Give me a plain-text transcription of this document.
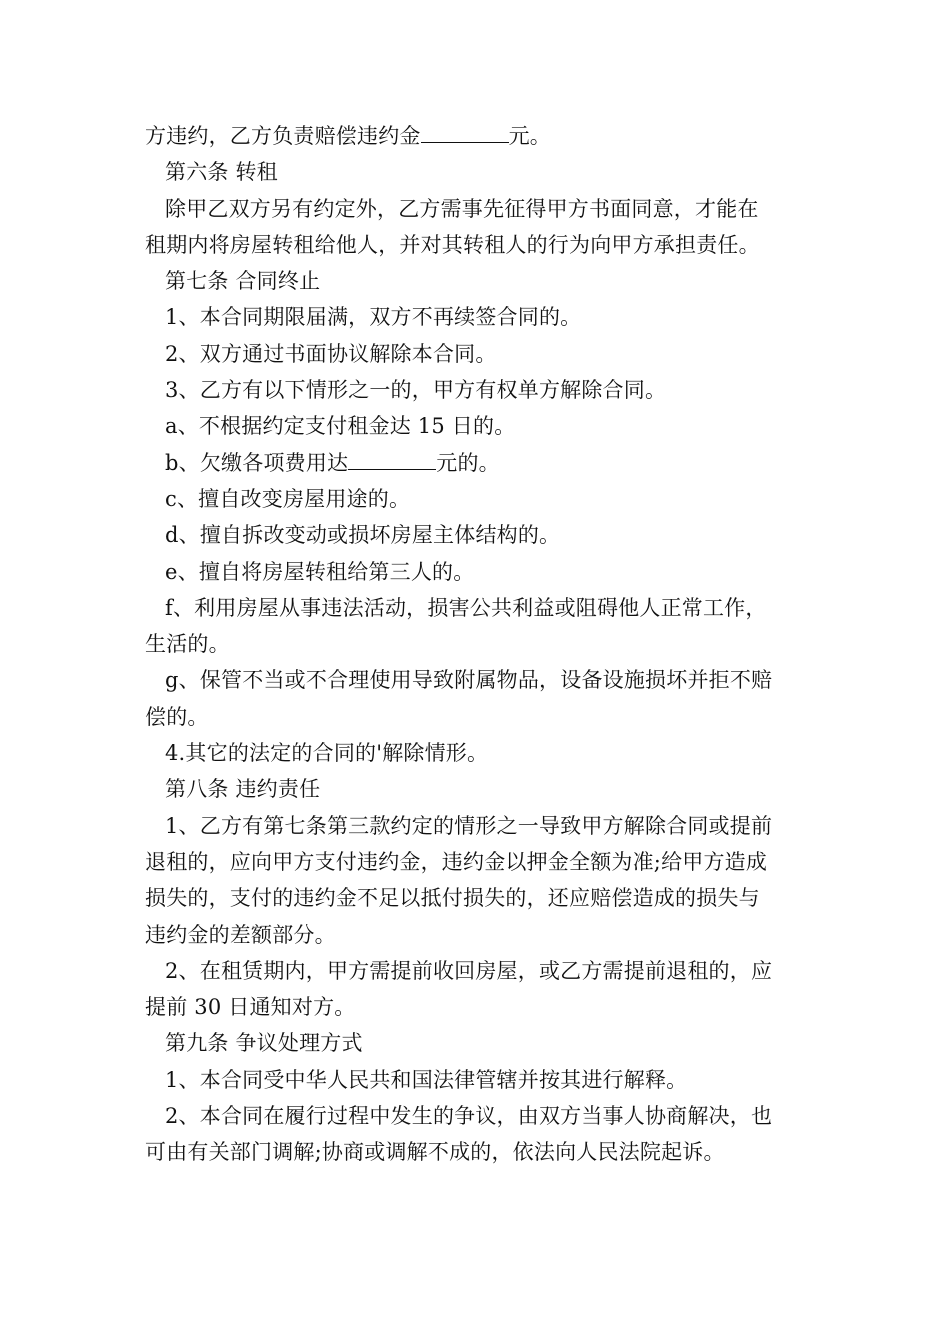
方违约，乙方负责赔偿违约金	元。
第六条 转租
除甲乙双方另有约定外，乙方需事先征得甲方书面同意，才能在
租期内将房屋转租给他人，并对其转租人的行为向甲方承担责任。
第七条 合同终止
1、本合同期限届满，双方不再续签合同的。
2、双方通过书面协议解除本合同。
3、乙方有以下情形之一的，甲方有权单方解除合同。
a、不根据约定支付租金达 15 日的。
b、欠缴各项费用达	元的。
c、擅自改变房屋用途的。
d、擅自拆改变动或损坏房屋主体结构的。
e、擅自将房屋转租给第三人的。
f、利用房屋从事违法活动，损害公共利益或阻碍他人正常工作，
生活的。
g、保管不当或不合理使用导致附属物品，设备设施损坏并拒不赔
偿的。
4.其它的法定的合同的'解除情形。
第八条 违约责任
1、乙方有第七条第三款约定的情形之一导致甲方解除合同或提前
退租的，应向甲方支付违约金，违约金以押金全额为准;给甲方造成
损失的，支付的违约金不足以抵付损失的，还应赔偿造成的损失与
违约金的差额部分。
2、在租赁期内，甲方需提前收回房屋，或乙方需提前退租的，应
提前 30 日通知对方。
第九条 争议处理方式
1、本合同受中华人民共和国法律管辖并按其进行解释。
2、本合同在履行过程中发生的争议，由双方当事人协商解决，也
可由有关部门调解;协商或调解不成的，依法向人民法院起诉。
